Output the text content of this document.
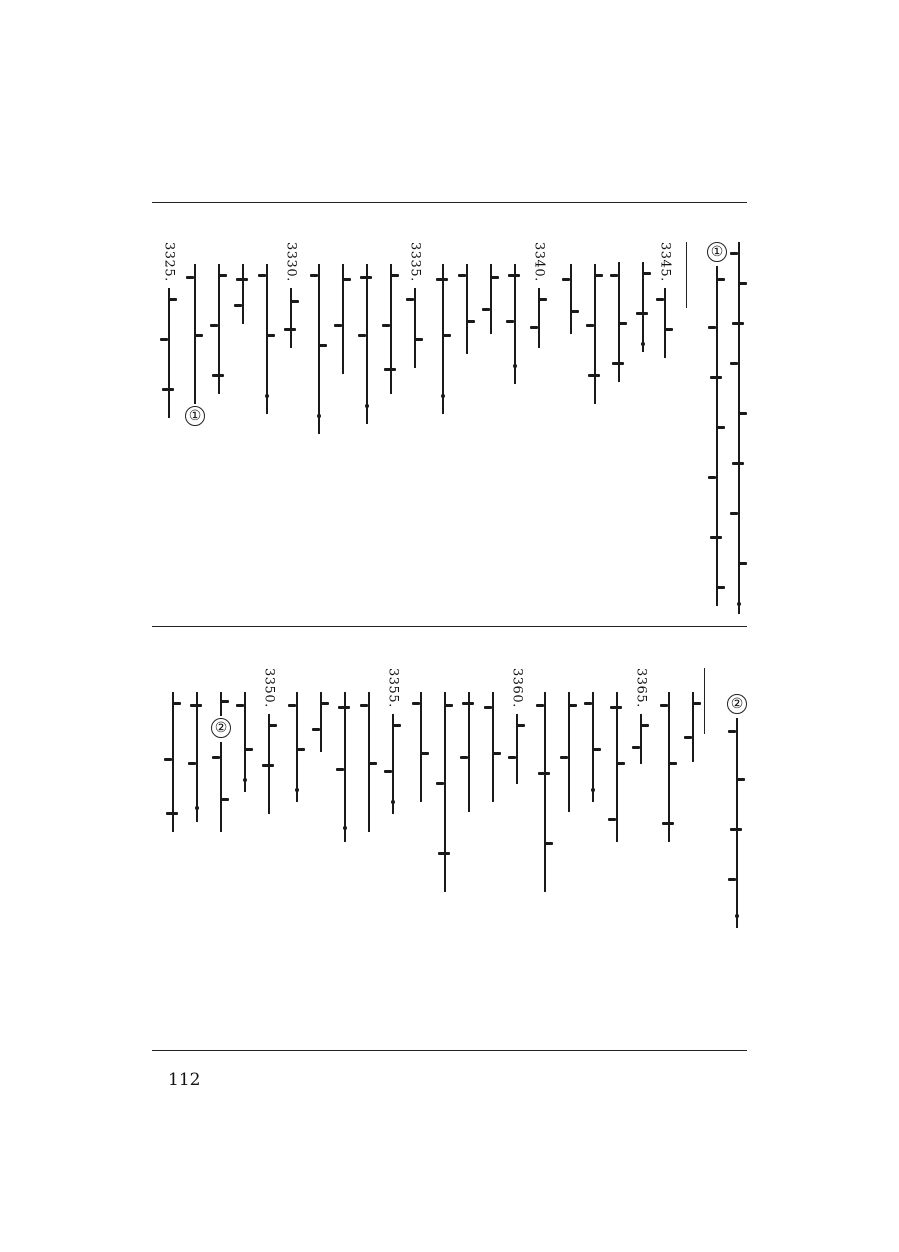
①
3345.
3340.
3335.
3330.
①
3325.
②
3365.
3360.
3355.
3350.
②
112
